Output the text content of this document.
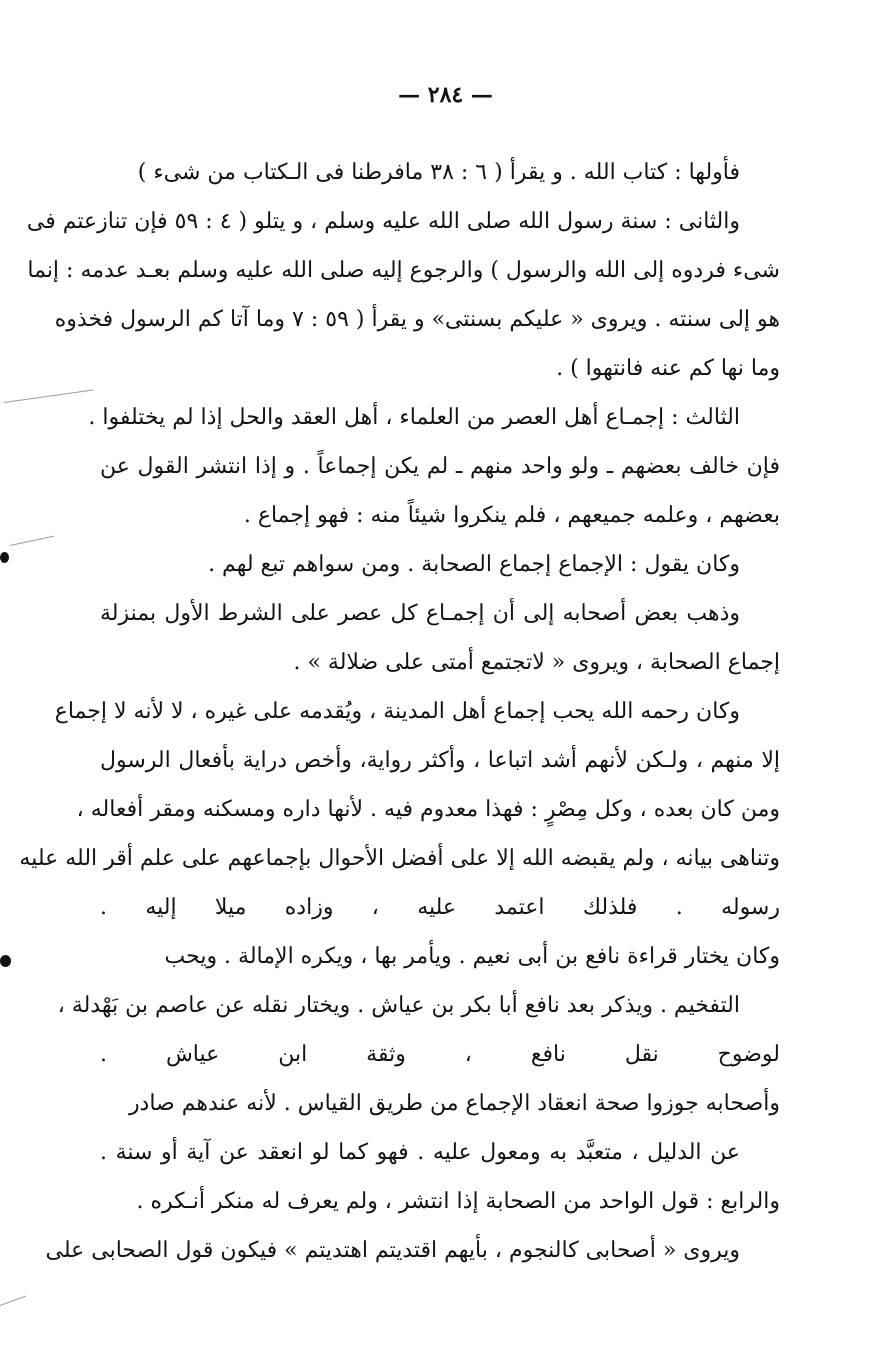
— ٢٨٤ —
فأولها : كتاب الله . و يقرأ ( ٦ : ٣٨ مافرطنا فى الـكتاب من شىء )
والثانى : سنة رسول الله صلى الله عليه وسلم ، و يتلو ( ٤ : ٥٩ فإن تنازعتم فى
شىء فردوه إلى الله والرسول ) والرجوع إليه صلى الله عليه وسلم بعـد عدمه : إنما
هو إلى سنته . ويروى « عليكم بسنتى» و يقرأ ( ٥٩ : ٧ وما آتا كم الرسول فخذوه
وما نها كم عنه فانتهوا ) .
الثالث : إجمـاع أهل العصر من العلماء ، أهل العقد والحل إذا لم يختلفوا .
فإن خالف بعضهم ـ ولو واحد منهم ـ لم يكن إجماعاً . و إذا انتشر القول عن
بعضهم ، وعلمه جميعهم ، فلم ينكروا شيئاً منه : فهو إجماع .
وكان يقول : الإجماع إجماع الصحابة . ومن سواهم تبع لهم .
وذهب بعض أصحابه إلى أن إجمـاع كل عصر على الشرط الأول بمنزلة
إجماع الصحابة ، ويروى « لاتجتمع أمتى على ضلالة » .
وكان رحمه الله يحب إجماع أهل المدينة ، ويُقدمه على غيره ، لا لأنه لا إجماع
إلا منهم ، ولـكن لأنهم أشد اتباعا ، وأكثر رواية، وأخص دراية بأفعال الرسول
ومن كان بعده ، وكل مِصْرٍ : فهذا معدوم فيه . لأنها داره ومسكنه ومقر أفعاله ،
وتناهى بيانه ، ولم يقبضه الله إلا على أفضل الأحوال بإجماعهم على علم أقر الله عليه
رسوله . فلذلك اعتمد عليه ، وزاده ميلا إليه .
وكان يختار قراءة نافع بن أبى نعيم . ويأمر بها ، ويكره الإمالة . ويحب
التفخيم . ويذكر بعد نافع أبا بكر بن عياش . ويختار نقله عن عاصم بن بَهْدلة ،
لوضوح نقل نافع ، وثقة ابن عياش .
وأصحابه جوزوا صحة انعقاد الإجماع من طريق القياس . لأنه عندهم صادر
عن الدليل ، متعبَّد به ومعول عليه . فهو كما لو انعقد عن آية أو سنة .
والرابع : قول الواحد من الصحابة إذا انتشر ، ولم يعرف له منكر أنـكره .
ويروى « أصحابى كالنجوم ، بأيهم اقتديتم اهتديتم » فيكون قول الصحابى على
